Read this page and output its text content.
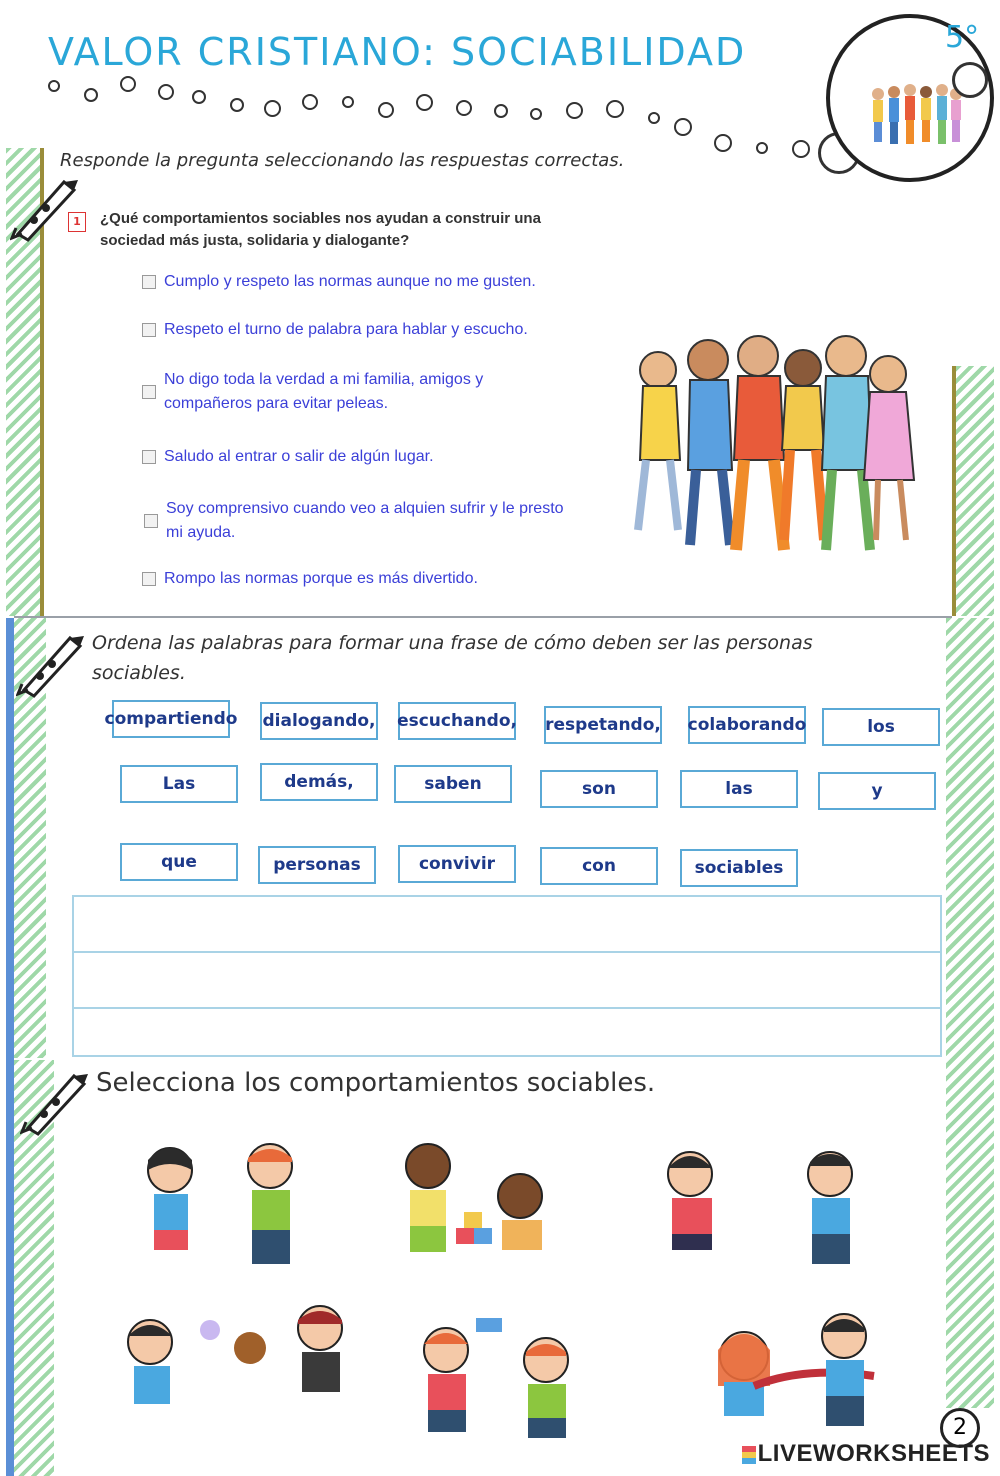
VALOR CRISTIANO: SOCIABILIDAD	5°
Responde la pregunta seleccionando las respuestas correctas.
1	¿Qué comportamientos sociables nos ayudan a construir una sociedad más justa, solidaria y dialogante?
Cumplo y respeto las normas aunque no me gusten.
Respeto el turno de palabra para hablar y escucho.
No digo toda la verdad a mi familia, amigos y compañeros para evitar peleas.
Saludo al entrar o salir de algún lugar.
Soy comprensivo cuando veo a alquien sufrir y le presto mi ayuda.
Rompo las normas porque es más divertido.
Ordena las palabras para formar una frase de cómo deben ser las personas sociables.
compartiendo dialogando, escuchando, respetando, colaborando	los
Las	demás,	saben	son	las	y
que	personas	convivir	con	sociables
Selecciona los comportamientos sociables.
2
LIVEWORKSHEETS
